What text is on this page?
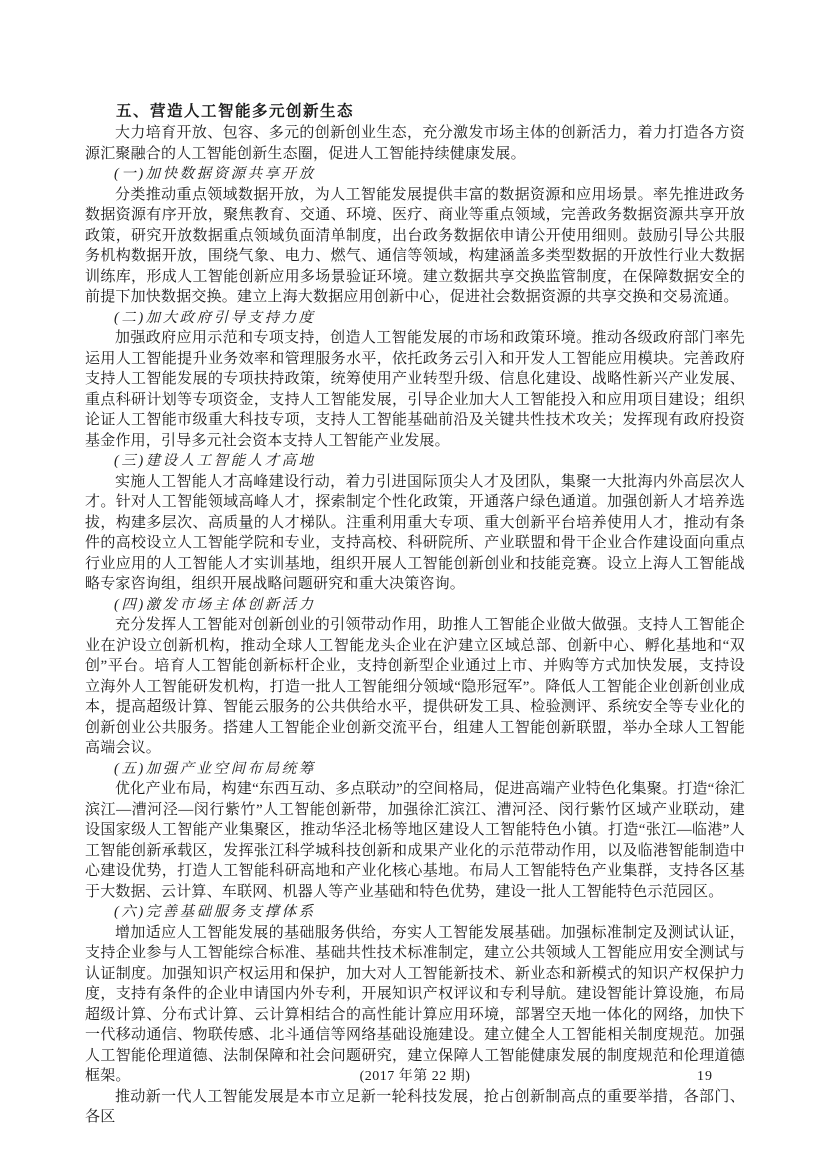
五、营造人工智能多元创新生态

大力培育开放、包容、多元的创新创业生态，充分激发市场主体的创新活力，着力打造各方资源汇聚融合的人工智能创新生态圈，促进人工智能持续健康发展。

(一)加快数据资源共享开放

分类推动重点领域数据开放，为人工智能发展提供丰富的数据资源和应用场景。率先推进政务数据资源有序开放，聚焦教育、交通、环境、医疗、商业等重点领域，完善政务数据资源共享开放政策，研究开放数据重点领域负面清单制度，出台政务数据依申请公开使用细则。鼓励引导公共服务机构数据开放，围绕气象、电力、燃气、通信等领域，构建涵盖多类型数据的开放性行业大数据训练库，形成人工智能创新应用多场景验证环境。建立数据共享交换监管制度，在保障数据安全的前提下加快数据交换。建立上海大数据应用创新中心，促进社会数据资源的共享交换和交易流通。

(二)加大政府引导支持力度

加强政府应用示范和专项支持，创造人工智能发展的市场和政策环境。推动各级政府部门率先运用人工智能提升业务效率和管理服务水平，依托政务云引入和开发人工智能应用模块。完善政府支持人工智能发展的专项扶持政策，统筹使用产业转型升级、信息化建设、战略性新兴产业发展、重点科研计划等专项资金，支持人工智能发展，引导企业加大人工智能投入和应用项目建设；组织论证人工智能市级重大科技专项，支持人工智能基础前沿及关键共性技术攻关；发挥现有政府投资基金作用，引导多元社会资本支持人工智能产业发展。

(三)建设人工智能人才高地

实施人工智能人才高峰建设行动，着力引进国际顶尖人才及团队，集聚一大批海内外高层次人才。针对人工智能领域高峰人才，探索制定个性化政策，开通落户绿色通道。加强创新人才培养选拔，构建多层次、高质量的人才梯队。注重利用重大专项、重大创新平台培养使用人才，推动有条件的高校设立人工智能学院和专业，支持高校、科研院所、产业联盟和骨干企业合作建设面向重点行业应用的人工智能人才实训基地，组织开展人工智能创新创业和技能竞赛。设立上海人工智能战略专家咨询组，组织开展战略问题研究和重大决策咨询。

(四)激发市场主体创新活力

充分发挥人工智能对创新创业的引领带动作用，助推人工智能企业做大做强。支持人工智能企业在沪设立创新机构，推动全球人工智能龙头企业在沪建立区域总部、创新中心、孵化基地和“双创”平台。培育人工智能创新标杆企业，支持创新型企业通过上市、并购等方式加快发展，支持设立海外人工智能研发机构，打造一批人工智能细分领域“隐形冠军”。降低人工智能企业创新创业成本，提高超级计算、智能云服务的公共供给水平，提供研发工具、检验测评、系统安全等专业化的创新创业公共服务。搭建人工智能企业创新交流平台，组建人工智能创新联盟，举办全球人工智能高端会议。

(五)加强产业空间布局统筹

优化产业布局，构建“东西互动、多点联动”的空间格局，促进高端产业特色化集聚。打造“徐汇滨江—漕河泾—闵行紫竹”人工智能创新带，加强徐汇滨江、漕河泾、闵行紫竹区域产业联动，建设国家级人工智能产业集聚区，推动华泾北杨等地区建设人工智能特色小镇。打造“张江—临港”人工智能创新承载区，发挥张江科学城科技创新和成果产业化的示范带动作用，以及临港智能制造中心建设优势，打造人工智能科研高地和产业化核心基地。布局人工智能特色产业集群，支持各区基于大数据、云计算、车联网、机器人等产业基础和特色优势，建设一批人工智能特色示范园区。

(六)完善基础服务支撑体系

增加适应人工智能发展的基础服务供给，夯实人工智能发展基础。加强标准制定及测试认证，支持企业参与人工智能综合标准、基础共性技术标准制定，建立公共领域人工智能应用安全测试与认证制度。加强知识产权运用和保护，加大对人工智能新技术、新业态和新模式的知识产权保护力度，支持有条件的企业申请国内外专利，开展知识产权评议和专利导航。建设智能计算设施，布局超级计算、分布式计算、云计算相结合的高性能计算应用环境，部署空天地一体化的网络，加快下一代移动通信、物联传感、北斗通信等网络基础设施建设。建立健全人工智能相关制度规范。加强人工智能伦理道德、法制保障和社会问题研究，建立保障人工智能健康发展的制度规范和伦理道德框架。

推动新一代人工智能发展是本市立足新一轮科技发展，抢占创新制高点的重要举措，各部门、各区

(2017 年第 22 期)	19
